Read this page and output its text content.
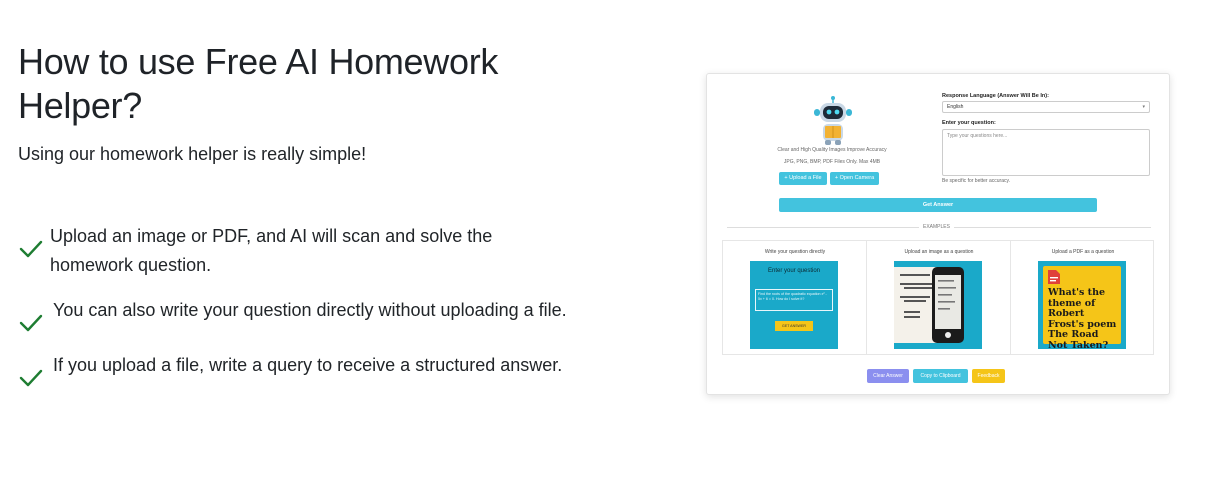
How to use Free AI Homework Helper?

Using our homework helper is really simple!

Upload an image or PDF, and AI will scan and solve the homework question.
You can also write your question directly without uploading a file.
If you upload a file, write a query to receive a structured answer.
Clear and High Quality Images Improve Accuracy
JPG, PNG, BMP, PDF Files Only. Max 4MB
+ Upload a File	+ Open Camera
Response Language (Answer Will Be In):
English	▾
Enter your question:
Type your questions here...
Be specific for better accuracy.
Get Answer
EXAMPLES
Write your question directly
Enter your question
Find the roots of the quadratic equation x² - 5x + 6 = 0. How do I solve it?
GET ANSWER
Upload an image as a question	Upload a PDF as a question
What's the theme of Robert Frost's poem The Road Not Taken?
Clear Answer	Copy to Clipboard	Feedback
